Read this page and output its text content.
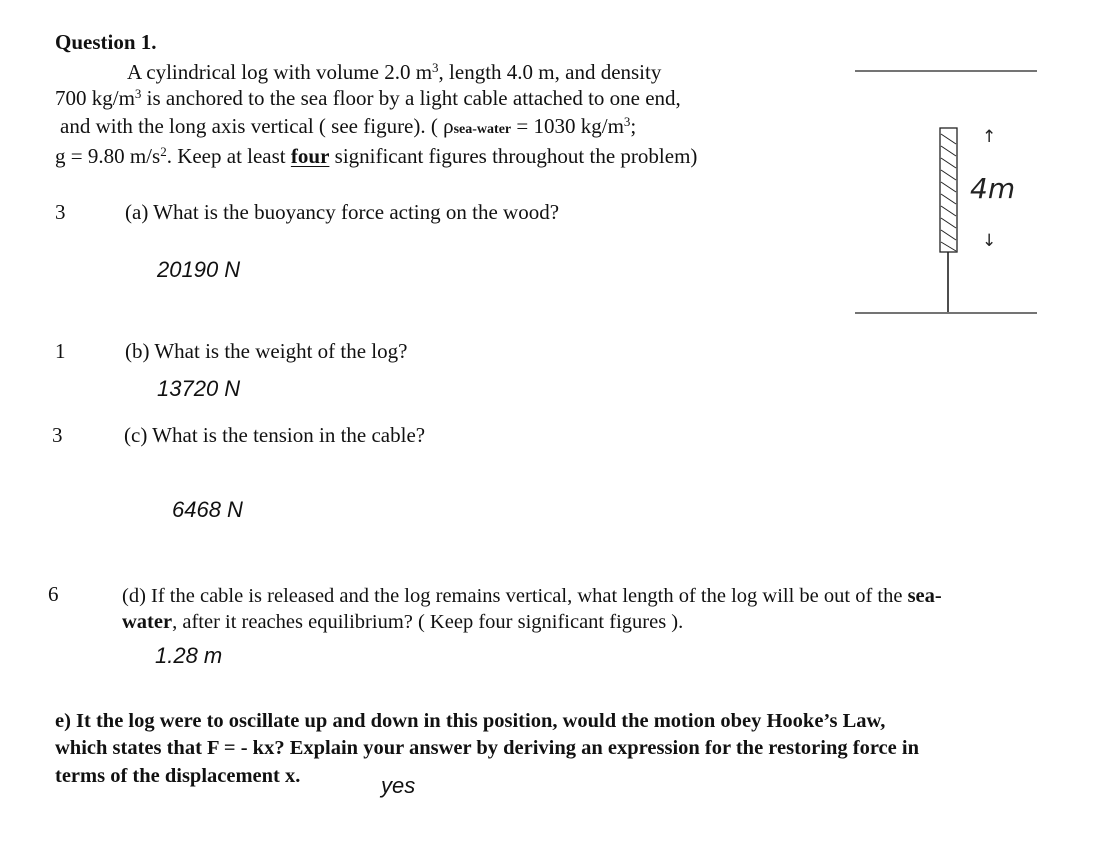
Question 1.
A cylindrical log with volume 2.0 $m^3$, length 4.0 m, and density
700 $kg/m^3$ is anchored to the sea floor by a light cable attached to one end,
and with the long axis vertical ( see figure). ( ρsea-water = 1030 $kg/m^3$;
g = 9.80 $m/s^2$. Keep at least four significant figures throughout the problem)
3	(a) What is the buoyancy force acting on the wood?
20190 N
1	(b) What is the weight of the log?
13720 N
3	(c) What is the tension in the cable?
6468 N
6	(d) If the cable is released and the log remains vertical, what length of the log will be out of the sea-
water, after it reaches equilibrium? ( Keep four significant figures ).
1.28 m
e) It the log were to oscillate up and down in this position, would the motion obey Hooke’s Law,
which states that F = - kx? Explain your answer by deriving an expression for the restoring force in
terms of the displacement x.	yes
↑
4m
↓
